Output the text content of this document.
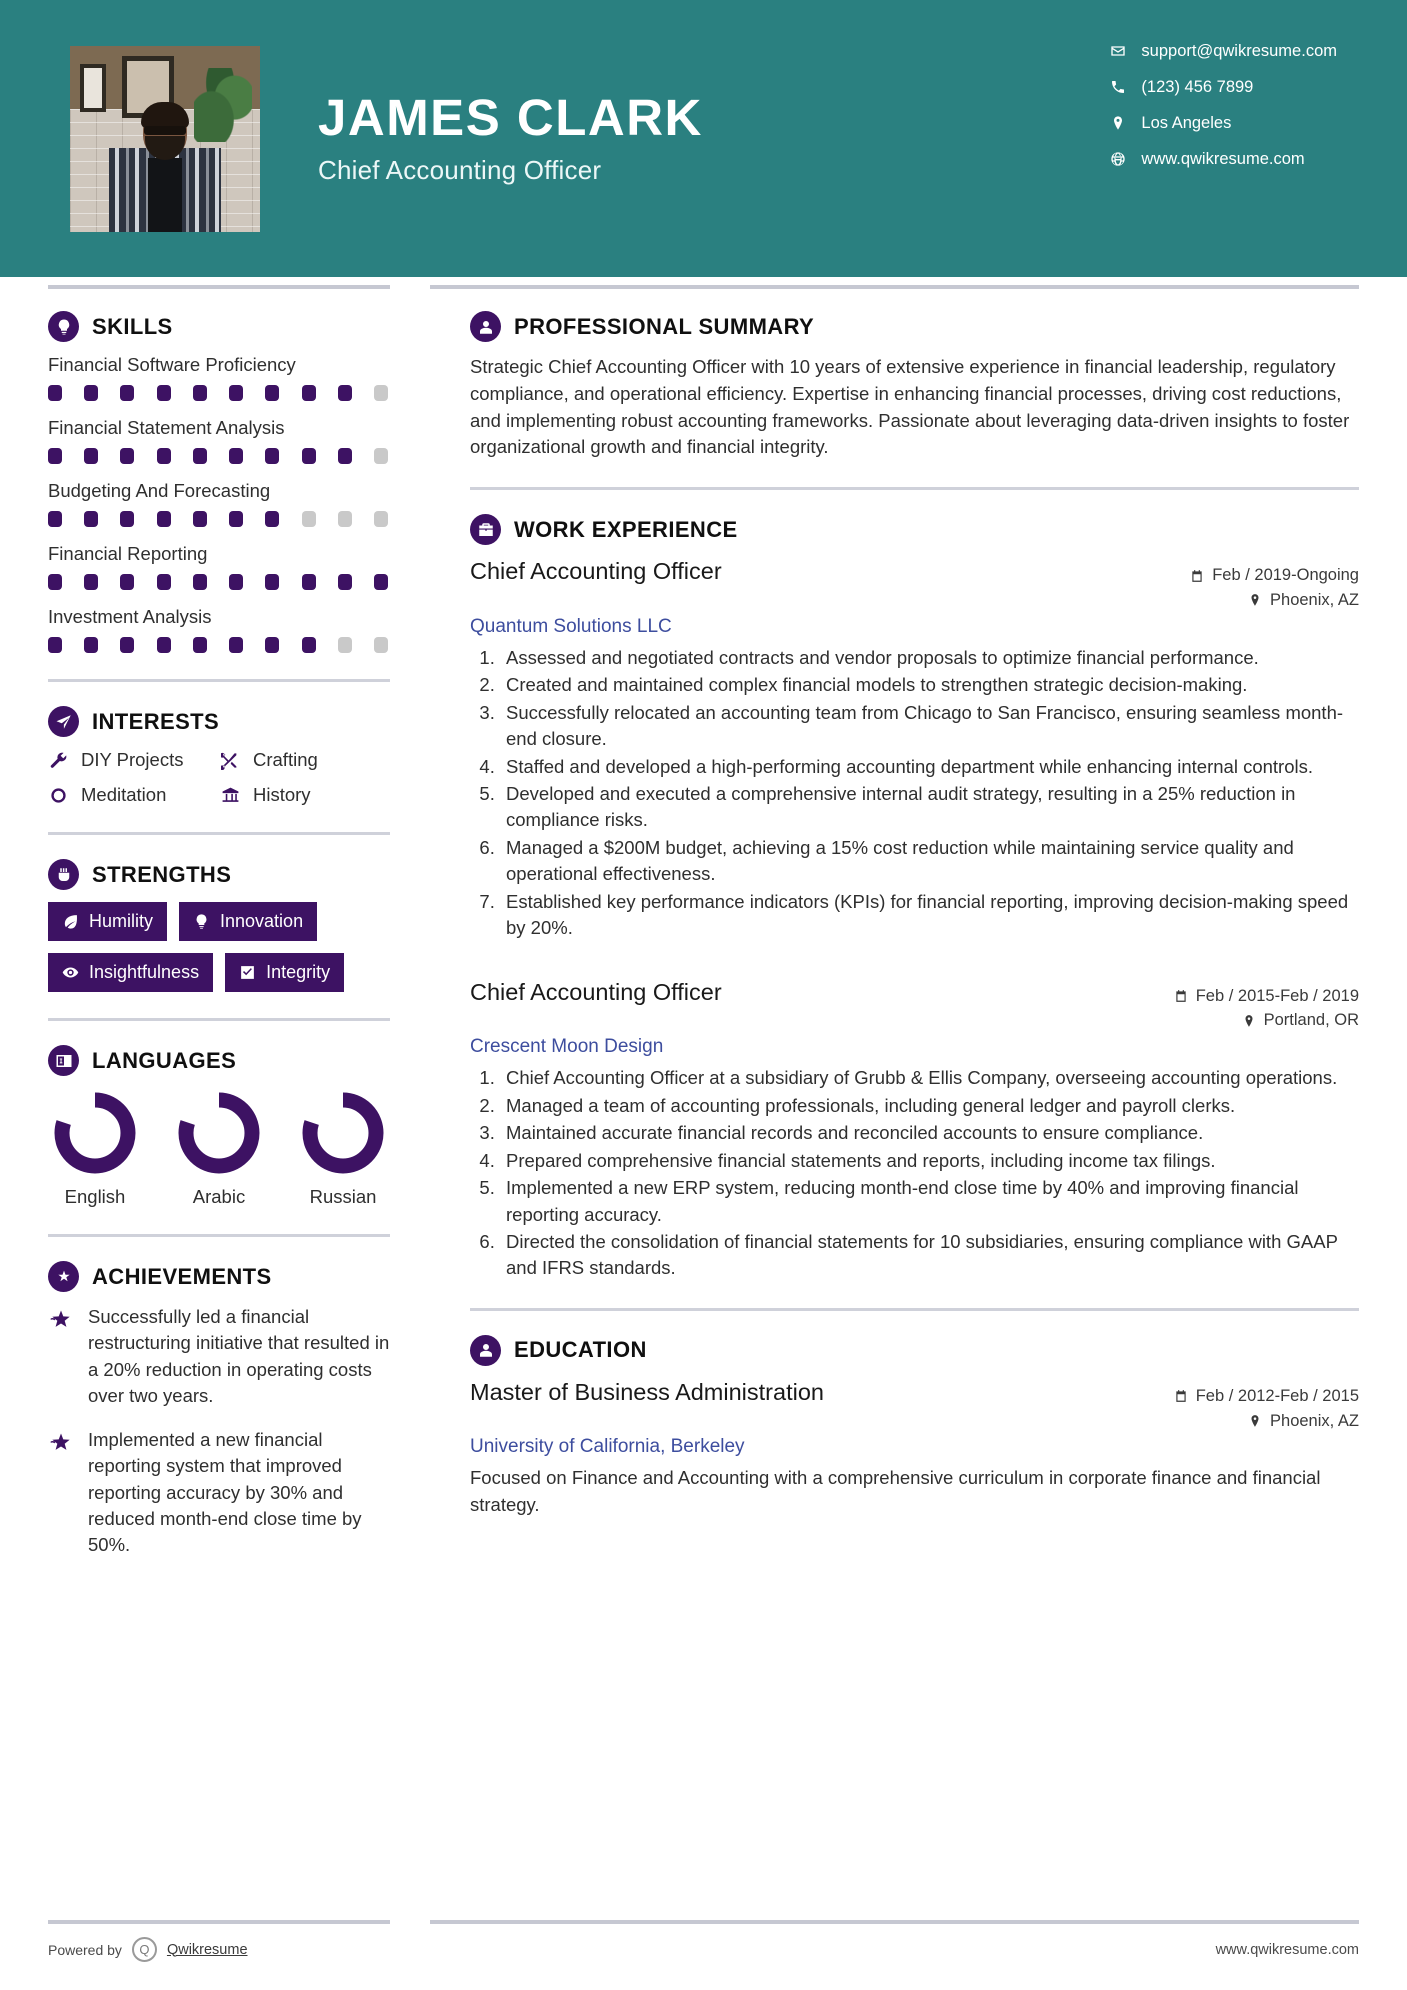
JAMES CLARK
Chief Accounting Officer
support@qwikresume.com
(123) 456 7899
Los Angeles
www.qwikresume.com
SKILLS
Financial Software Proficiency
Financial Statement Analysis
Budgeting And Forecasting
Financial Reporting
Investment Analysis
INTERESTS
DIY Projects	Crafting
Meditation	History
STRENGTHS
Humility	Innovation
Insightfulness	Integrity
LANGUAGES
English	Arabic	Russian
ACHIEVEMENTS
Successfully led a financial restructuring initiative that resulted in a 20% reduction in operating costs over two years.
Implemented a new financial reporting system that improved reporting accuracy by 30% and reduced month-end close time by 50%.
PROFESSIONAL SUMMARY
Strategic Chief Accounting Officer with 10 years of extensive experience in financial leadership, regulatory compliance, and operational efficiency. Expertise in enhancing financial processes, driving cost reductions, and implementing robust accounting frameworks. Passionate about leveraging data-driven insights to foster organizational growth and financial integrity.
WORK EXPERIENCE
Chief Accounting Officer	Feb / 2019-Ongoing
Phoenix, AZ
Quantum Solutions LLC
1. Assessed and negotiated contracts and vendor proposals to optimize financial performance.
2. Created and maintained complex financial models to strengthen strategic decision-making.
3. Successfully relocated an accounting team from Chicago to San Francisco, ensuring seamless month-end closure.
4. Staffed and developed a high-performing accounting department while enhancing internal controls.
5. Developed and executed a comprehensive internal audit strategy, resulting in a 25% reduction in compliance risks.
6. Managed a $200M budget, achieving a 15% cost reduction while maintaining service quality and operational effectiveness.
7. Established key performance indicators (KPIs) for financial reporting, improving decision-making speed by 20%.
Chief Accounting Officer	Feb / 2015-Feb / 2019
Portland, OR
Crescent Moon Design
1. Chief Accounting Officer at a subsidiary of Grubb & Ellis Company, overseeing accounting operations.
2. Managed a team of accounting professionals, including general ledger and payroll clerks.
3. Maintained accurate financial records and reconciled accounts to ensure compliance.
4. Prepared comprehensive financial statements and reports, including income tax filings.
5. Implemented a new ERP system, reducing month-end close time by 40% and improving financial reporting accuracy.
6. Directed the consolidation of financial statements for 10 subsidiaries, ensuring compliance with GAAP and IFRS standards.
EDUCATION
Master of Business Administration	Feb / 2012-Feb / 2015
Phoenix, AZ
University of California, Berkeley
Focused on Finance and Accounting with a comprehensive curriculum in corporate finance and financial strategy.
Powered by	Q	Qwikresume	www.qwikresume.com
